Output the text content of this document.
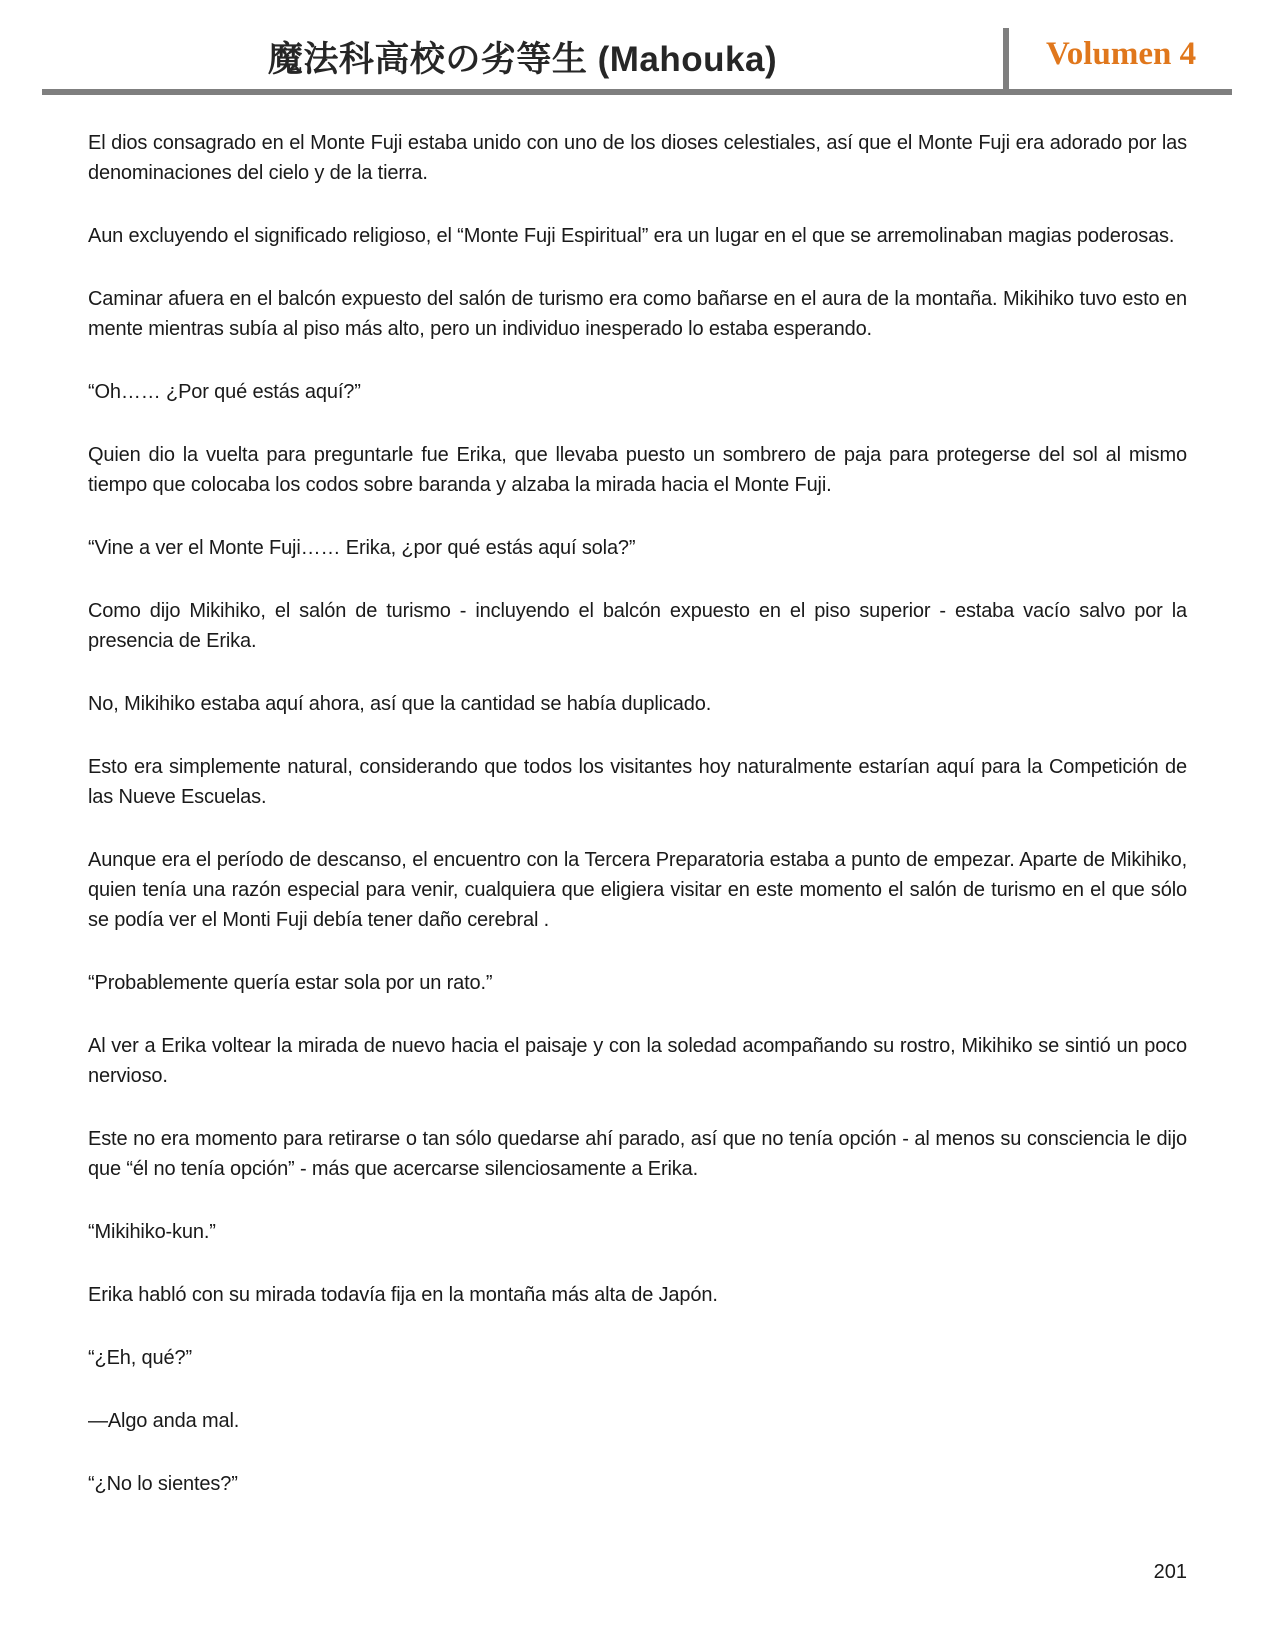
魔法科高校の劣等生 (Mahouka)	Volumen 4

El dios consagrado en el Monte Fuji estaba unido con uno de los dioses celestiales, así que el Monte Fuji era adorado por las denominaciones del cielo y de la tierra.

Aun excluyendo el significado religioso, el “Monte Fuji Espiritual” era un lugar en el que se arremolinaban magias poderosas.

Caminar afuera en el balcón expuesto del salón de turismo era como bañarse en el aura de la montaña. Mikihiko tuvo esto en mente mientras subía al piso más alto, pero un individuo inesperado lo estaba esperando.

“Oh…… ¿Por qué estás aquí?”

Quien dio la vuelta para preguntarle fue Erika, que llevaba puesto un sombrero de paja para protegerse del sol al mismo tiempo que colocaba los codos sobre baranda y alzaba la mirada hacia el Monte Fuji.

“Vine a ver el Monte Fuji…… Erika, ¿por qué estás aquí sola?”

Como dijo Mikihiko, el salón de turismo - incluyendo el balcón expuesto en el piso superior - estaba vacío salvo por la presencia de Erika.

No, Mikihiko estaba aquí ahora, así que la cantidad se había duplicado.

Esto era simplemente natural, considerando que todos los visitantes hoy naturalmente estarían aquí para la Competición de las Nueve Escuelas.

Aunque era el período de descanso, el encuentro con la Tercera Preparatoria estaba a punto de empezar. Aparte de Mikihiko, quien tenía una razón especial para venir, cualquiera que eligiera visitar en este momento el salón de turismo en el que sólo se podía ver el Monti Fuji debía tener daño cerebral .

“Probablemente quería estar sola por un rato.”

Al ver a Erika voltear la mirada de nuevo hacia el paisaje y con la soledad acompañando su rostro, Mikihiko se sintió un poco nervioso.

Este no era momento para retirarse o tan sólo quedarse ahí parado, así que no tenía opción - al menos su consciencia le dijo que “él no tenía opción” - más que acercarse silenciosamente a Erika.

“Mikihiko-kun.”

Erika habló con su mirada todavía fija en la montaña más alta de Japón.

“¿Eh, qué?”

—Algo anda mal.

“¿No lo sientes?”

201
